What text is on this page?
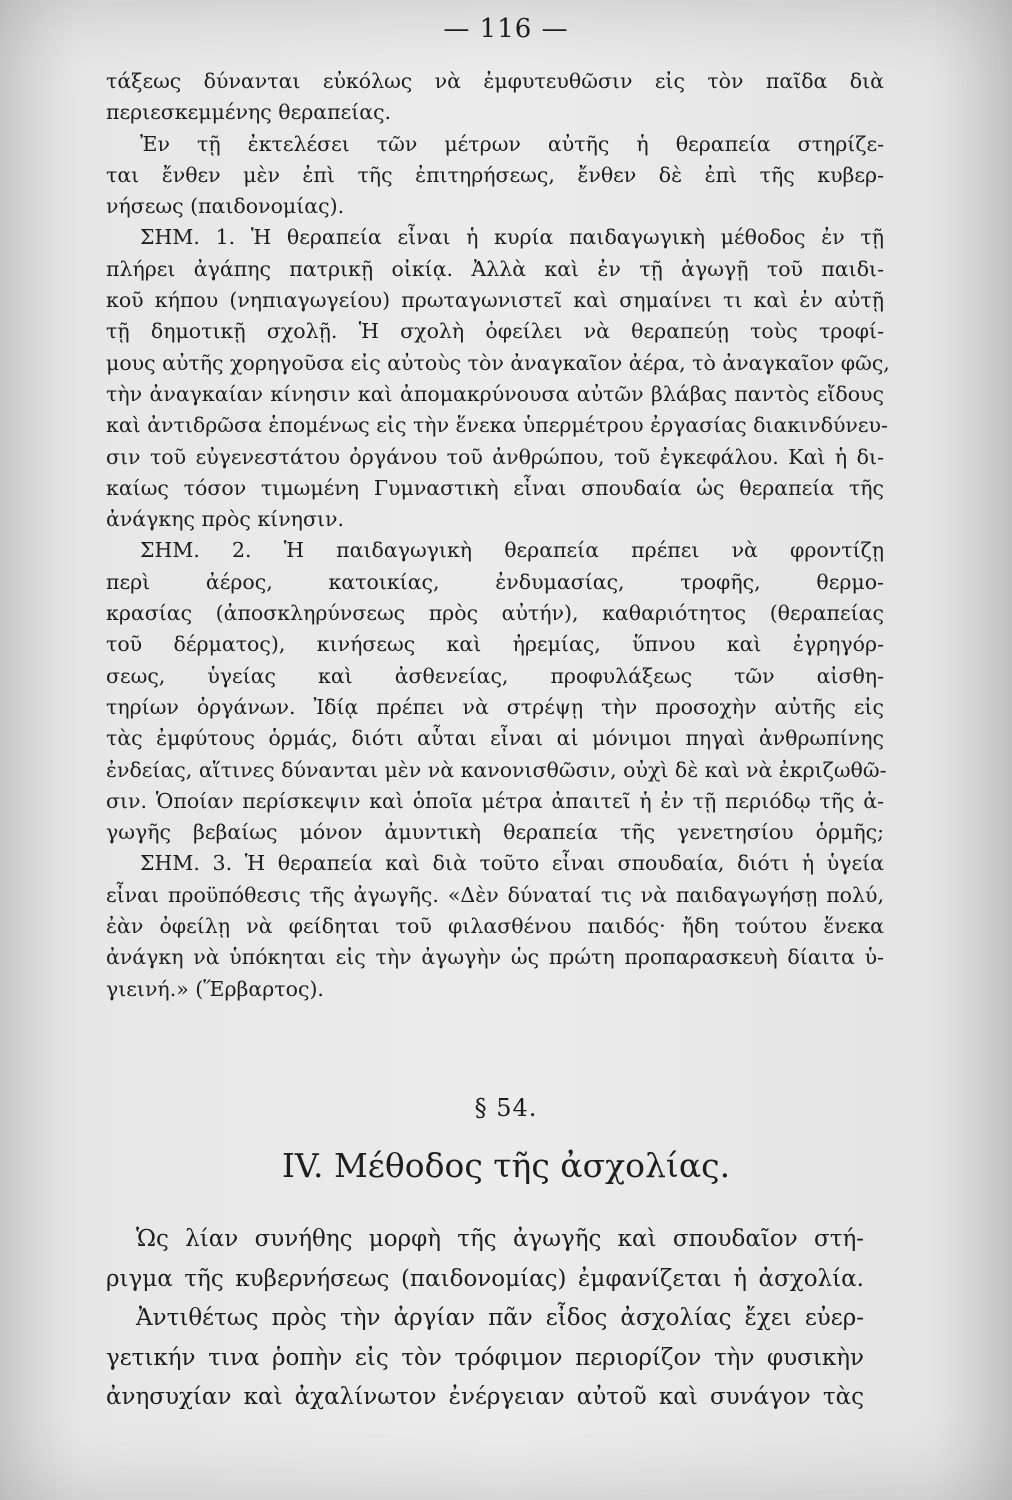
— 116 —
τάξεως δύνανται εὐκόλως νὰ ἐμφυτευθῶσιν εἰς τὸν παῖδα διὰ
περιεσκεμμένης θεραπείας.
Ἐν τῇ ἐκτελέσει τῶν μέτρων αὐτῆς ἡ θεραπεία στηρίζε-
ται ἔνθεν μὲν ἐπὶ τῆς ἐπιτηρήσεως, ἔνθεν δὲ ἐπὶ τῆς κυβερ-
νήσεως (παιδονομίας).
ΣΗΜ. 1. Ἡ θεραπεία εἶναι ἡ κυρία παιδαγωγικὴ μέθοδος ἐν τῇ
πλήρει ἀγάπης πατρικῇ οἰκίᾳ. Ἀλλὰ καὶ ἐν τῇ ἀγωγῇ τοῦ παιδι-
κοῦ κήπου (νηπιαγωγείου) πρωταγωνιστεῖ καὶ σημαίνει τι καὶ ἐν αὐτῇ
τῇ δημοτικῇ σχολῇ. Ἡ σχολὴ ὀφείλει νὰ θεραπεύῃ τοὺς τροφί-
μους αὐτῆς χορηγοῦσα εἰς αὐτοὺς τὸν ἀναγκαῖον ἀέρα, τὸ ἀναγκαῖον φῶς,
τὴν ἀναγκαίαν κίνησιν καὶ ἀπομακρύνουσα αὐτῶν βλάβας παντὸς εἴδους
καὶ ἀντιδρῶσα ἑπομένως εἰς τὴν ἕνεκα ὑπερμέτρου ἐργασίας διακινδύνευ-
σιν τοῦ εὐγενεστάτου ὀργάνου τοῦ ἀνθρώπου, τοῦ ἐγκεφάλου. Καὶ ἡ δι-
καίως τόσον τιμωμένη Γυμναστικὴ εἶναι σπουδαία ὡς θεραπεία τῆς
ἀνάγκης πρὸς κίνησιν.
ΣΗΜ. 2. Ἡ παιδαγωγικὴ θεραπεία πρέπει νὰ φροντίζῃ
περὶ ἀέρος, κατοικίας, ἐνδυμασίας, τροφῆς, θερμο-
κρασίας (ἀποσκληρύνσεως πρὸς αὐτήν), καθαριότητος (θεραπείας
τοῦ δέρματος), κινήσεως καὶ ἠρεμίας, ὕπνου καὶ ἐγρηγόρ-
σεως, ὑγείας καὶ ἀσθενείας, προφυλάξεως τῶν αἰσθη-
τηρίων ὀργάνων. Ἰδίᾳ πρέπει νὰ στρέψῃ τὴν προσοχὴν αὐτῆς εἰς
τὰς ἐμφύτους ὁρμάς, διότι αὗται εἶναι αἱ μόνιμοι πηγαὶ ἀνθρωπίνης
ἐνδείας, αἵτινες δύνανται μὲν νὰ κανονισθῶσιν, οὐχὶ δὲ καὶ νὰ ἐκριζωθῶ-
σιν. Ὁποίαν περίσκεψιν καὶ ὁποῖα μέτρα ἀπαιτεῖ ἡ ἐν τῇ περιόδῳ τῆς ἀ-
γωγῆς βεβαίως μόνον ἀμυντικὴ θεραπεία τῆς γενετησίου ὁρμῆς;
ΣΗΜ. 3. Ἡ θεραπεία καὶ διὰ τοῦτο εἶναι σπουδαία, διότι ἡ ὑγεία
εἶναι προϋπόθεσις τῆς ἀγωγῆς. «Δὲν δύναταί τις νὰ παιδαγωγήσῃ πολύ,
ἐὰν ὀφείλῃ νὰ φείδηται τοῦ φιλασθένου παιδός· ἤδη τούτου ἕνεκα
ἀνάγκη νὰ ὑπόκηται εἰς τὴν ἀγωγὴν ὡς πρώτη προπαρασκευὴ δίαιτα ὑ-
γιεινή.» (Ἕρβαρτος).
§ 54.
IV. Μέθοδος τῆς ἀσχολίας.
Ὡς λίαν συνήθης μορφὴ τῆς ἀγωγῆς καὶ σπουδαῖον στή-
ριγμα τῆς κυβερνήσεως (παιδονομίας) ἐμφανίζεται ἡ ἀσχολία.
Ἀντιθέτως πρὸς τὴν ἀργίαν πᾶν εἶδος ἀσχολίας ἔχει εὐερ-
γετικήν τινα ῥοπὴν εἰς τὸν τρόφιμον περιορίζον τὴν φυσικὴν
ἀνησυχίαν καὶ ἀχαλίνωτον ἐνέργειαν αὐτοῦ καὶ συνάγον τὰς
